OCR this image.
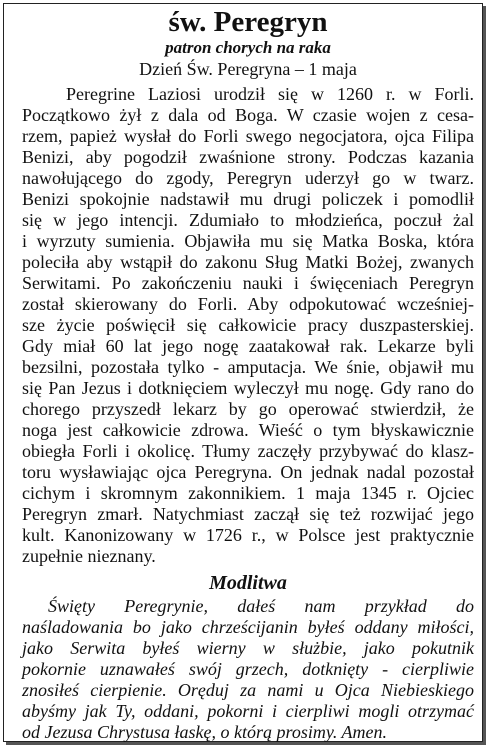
św. Peregryn

patron chorych na raka

Dzień Św. Peregryna – 1 maja

Peregrine Laziosi urodził się w 1260 r. w Forli.

Początkowo żył z dala od Boga. W czasie wojen z cesa-

rzem, papież wysłał do Forli swego negocjatora, ojca Filipa

Benizi, aby pogodził zwaśnione strony. Podczas kazania

nawołującego do zgody, Peregryn uderzył go w twarz.

Benizi spokojnie nadstawił mu drugi policzek i pomodlił

się w jego intencji. Zdumiało to młodzieńca, poczuł żal

i wyrzuty sumienia. Objawiła mu się Matka Boska, która

poleciła aby wstąpił do zakonu Sług Matki Bożej, zwanych

Serwitami. Po zakończeniu nauki i święceniach Peregryn

został skierowany do Forli. Aby odpokutować wcześniej-

sze życie poświęcił się całkowicie pracy duszpasterskiej.

Gdy miał 60 lat jego nogę zaatakował rak. Lekarze byli

bezsilni, pozostała tylko - amputacja. We śnie, objawił mu

się Pan Jezus i dotknięciem wyleczył mu nogę. Gdy rano do

chorego przyszedł lekarz by go operować stwierdził, że

noga jest całkowicie zdrowa. Wieść o tym błyskawicznie

obiegła Forli i okolicę. Tłumy zaczęły przybywać do klasz-

toru wysławiając ojca Peregryna. On jednak nadal pozostał

cichym i skromnym zakonnikiem. 1 maja 1345 r. Ojciec

Peregryn zmarł. Natychmiast zaczął się też rozwijać jego

kult. Kanonizowany w 1726 r., w Polsce jest praktycznie

zupełnie nieznany.

Modlitwa

Święty Peregrynie, dałeś nam przykład do

naśladowania bo jako chrześcijanin byłeś oddany miłości,

jako Serwita byłeś wierny w służbie, jako pokutnik

pokornie uznawałeś swój grzech, dotknięty - cierpliwie

znosiłeś cierpienie. Oręduj za nami u Ojca Niebieskiego

abyśmy jak Ty, oddani, pokorni i cierpliwi mogli otrzymać

od Jezusa Chrystusa łaskę, o którą prosimy. Amen.
